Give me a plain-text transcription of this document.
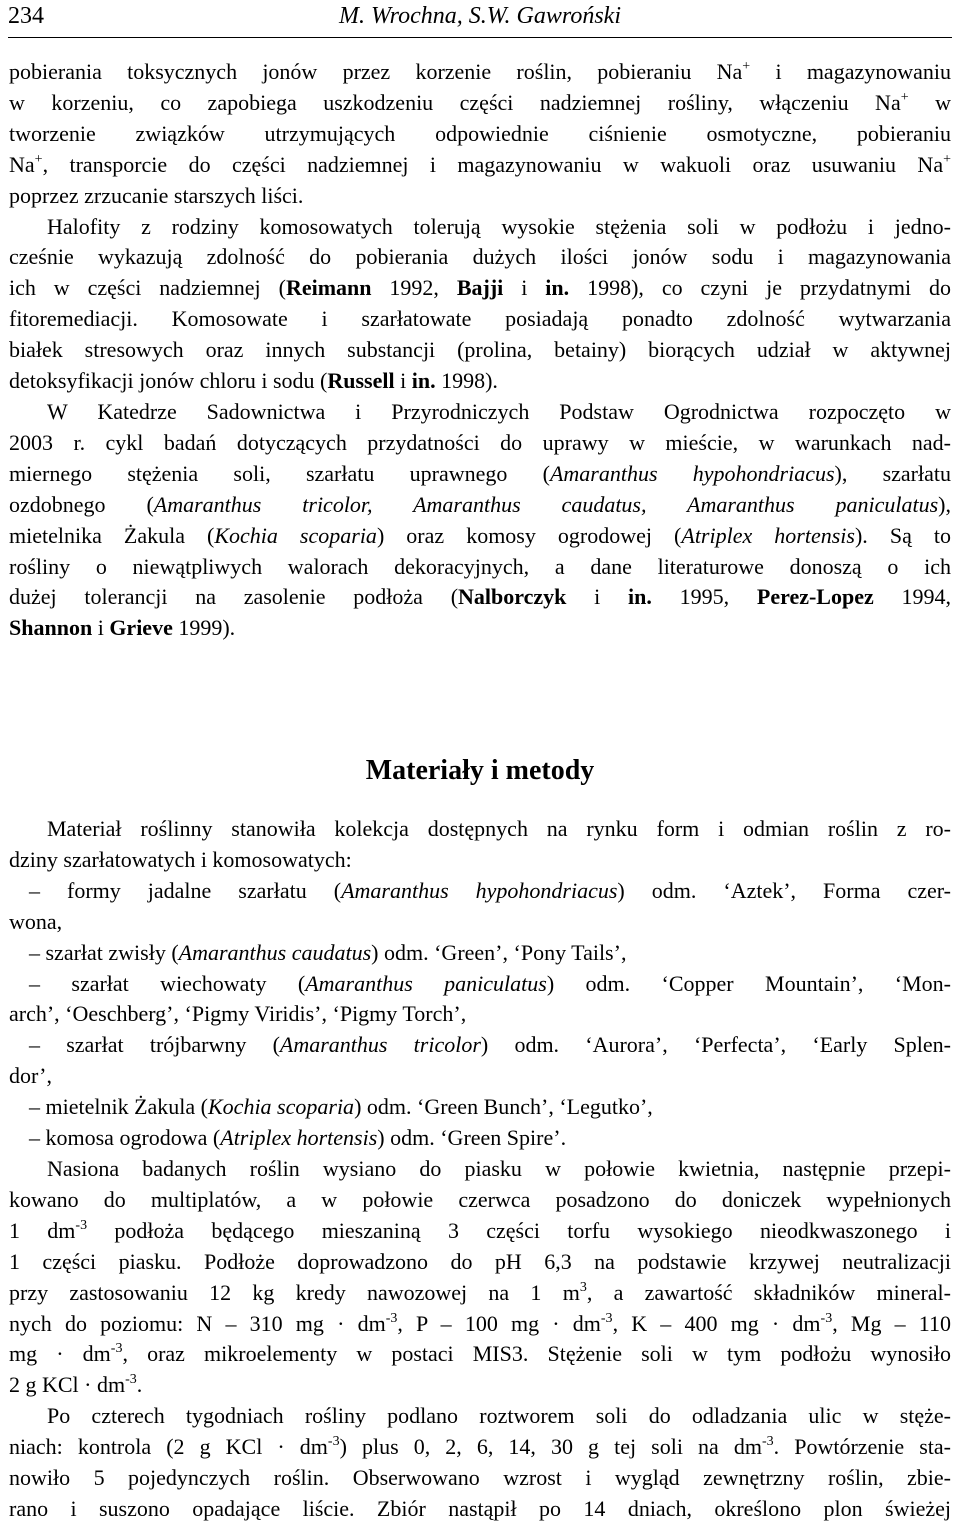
234	M. Wrochna, S.W. Gawroński
pobierania toksycznych jonów przez korzenie roślin, pobieraniu Na+ i magazynowaniu
w korzeniu, co zapobiega uszkodzeniu części nadziemnej rośliny, włączeniu Na+ w
tworzenie związków utrzymujących odpowiednie ciśnienie osmotyczne, pobieraniu
Na+, transporcie do części nadziemnej i magazynowaniu w wakuoli oraz usuwaniu Na+
poprzez zrzucanie starszych liści.
Halofity z rodziny komosowatych tolerują wysokie stężenia soli w podłożu i jedno-
cześnie wykazują zdolność do pobierania dużych ilości jonów sodu i magazynowania
ich w części nadziemnej (Reimann 1992, Bajji i in. 1998), co czyni je przydatnymi do
fitoremediacji. Komosowate i szarłatowate posiadają ponadto zdolność wytwarzania
białek stresowych oraz innych substancji (prolina, betainy) biorących udział w aktywnej
detoksyfikacji jonów chloru i sodu (Russell i in. 1998).
W Katedrze Sadownictwa i Przyrodniczych Podstaw Ogrodnictwa rozpoczęto w
2003 r. cykl badań dotyczących przydatności do uprawy w mieście, w warunkach nad-
miernego stężenia soli, szarłatu uprawnego (Amaranthus hypohondriacus), szarłatu
ozdobnego (Amaranthus tricolor, Amaranthus caudatus, Amaranthus paniculatus),
mietelnika Żakula (Kochia scoparia) oraz komosy ogrodowej (Atriplex hortensis). Są to
rośliny o niewątpliwych walorach dekoracyjnych, a dane literaturowe donoszą o ich
dużej tolerancji na zasolenie podłoża (Nalborczyk i in. 1995, Perez-Lopez 1994,
Shannon i Grieve 1999).
Materiały i metody
Materiał roślinny stanowiła kolekcja dostępnych na rynku form i odmian roślin z ro-
dziny szarłatowatych i komosowatych:
– formy jadalne szarłatu (Amaranthus hypohondriacus) odm. ‘Aztek’, Forma czer-
wona,
– szarłat zwisły (Amaranthus caudatus) odm. ‘Green’, ‘Pony Tails’,
– szarłat wiechowaty (Amaranthus paniculatus) odm. ‘Copper Mountain’, ‘Mon-
arch’, ‘Oeschberg’, ‘Pigmy Viridis’, ‘Pigmy Torch’,
– szarłat trójbarwny (Amaranthus tricolor) odm. ‘Aurora’, ‘Perfecta’, ‘Early Splen-
dor’,
– mietelnik Żakula (Kochia scoparia) odm. ‘Green Bunch’, ‘Legutko’,
– komosa ogrodowa (Atriplex hortensis) odm. ‘Green Spire’.
Nasiona badanych roślin wysiano do piasku w połowie kwietnia, następnie przepi-
kowano do multiplatów, a w połowie czerwca posadzono do doniczek wypełnionych
1 $dm^{-3}$ podłoża będącego mieszaniną 3 części torfu wysokiego nieodkwaszonego i
1 części piasku. Podłoże doprowadzono do pH 6,3 na podstawie krzywej neutralizacji
przy zastosowaniu 12 kg kredy nawozowej na 1 $m^3$, a zawartość składników mineral-
nych do poziomu: N – 310 mg · $dm^{-3}$, P – 100 mg · $dm^{-3}$, K – 400 mg · $dm^{-3}$, Mg – 110
mg · $dm^{-3}$, oraz mikroelementy w postaci MIS3. Stężenie soli w tym podłożu wynosiło
2 g KCl · $dm^{-3}$.
Po czterech tygodniach rośliny podlano roztworem soli do odladzania ulic w stęże-
niach: kontrola (2 g KCl · $dm^{-3}$) plus 0, 2, 6, 14, 30 g tej soli na $dm^{-3}$. Powtórzenie sta-
nowiło 5 pojedynczych roślin. Obserwowano wzrost i wygląd zewnętrzny roślin, zbie-
rano i suszono opadające liście. Zbiór nastąpił po 14 dniach, określono plon świeżej
